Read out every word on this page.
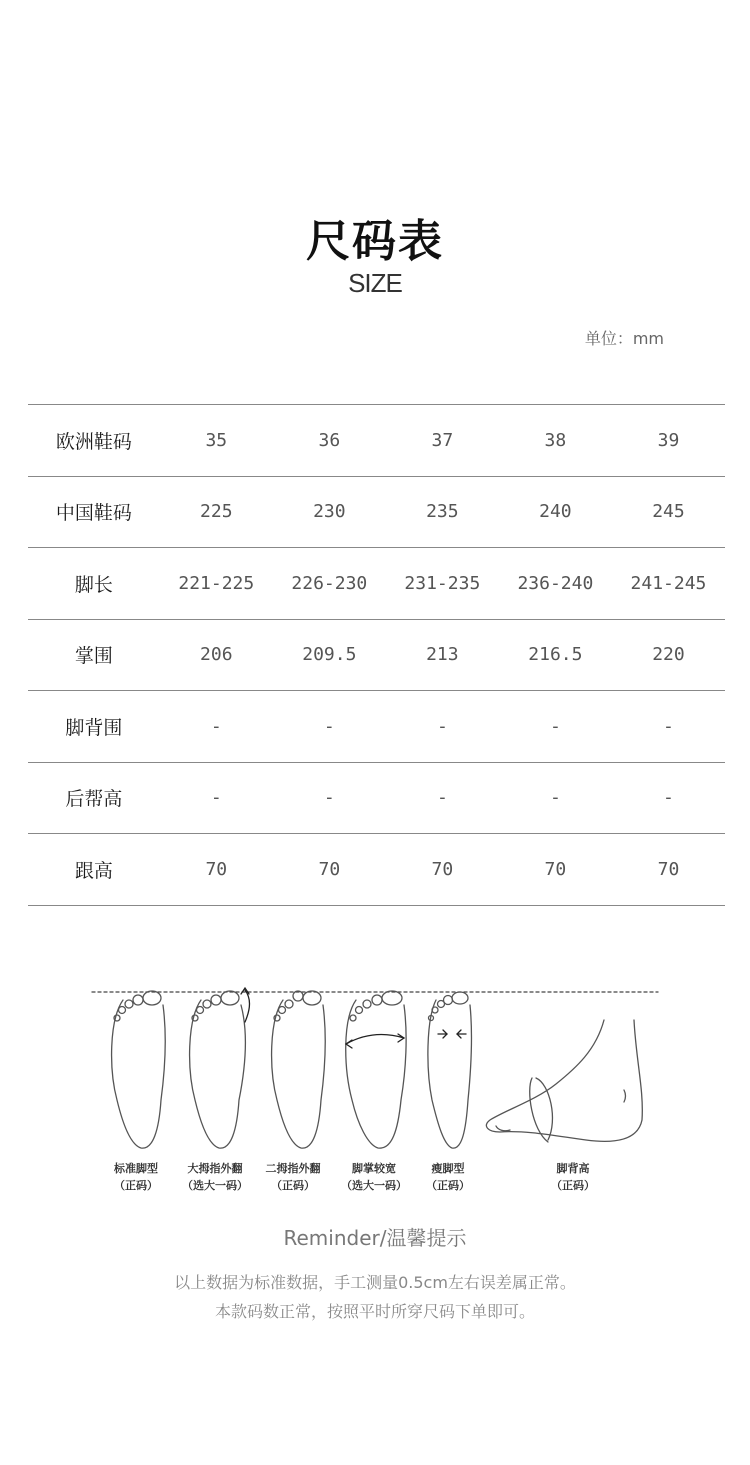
尺码表
SIZE
单位：mm
欧洲鞋码	35	36	37	38	39
中国鞋码	225	230	235	240	245
脚长	221-225	226-230	231-235	236-240	241-245
掌围	206	209.5	213	216.5	220
脚背围	-	-	-	-	-
后帮高	-	-	-	-	-
跟高	70	70	70	70	70
标准脚型
（正码）
大拇指外翻
（选大一码）
二拇指外翻
（正码）
脚掌较宽
（选大一码）
瘦脚型
（正码）
脚背高
（正码）
Reminder/温馨提示
以上数据为标准数据，手工测量0.5cm左右误差属正常。
本款码数正常，按照平时所穿尺码下单即可。
